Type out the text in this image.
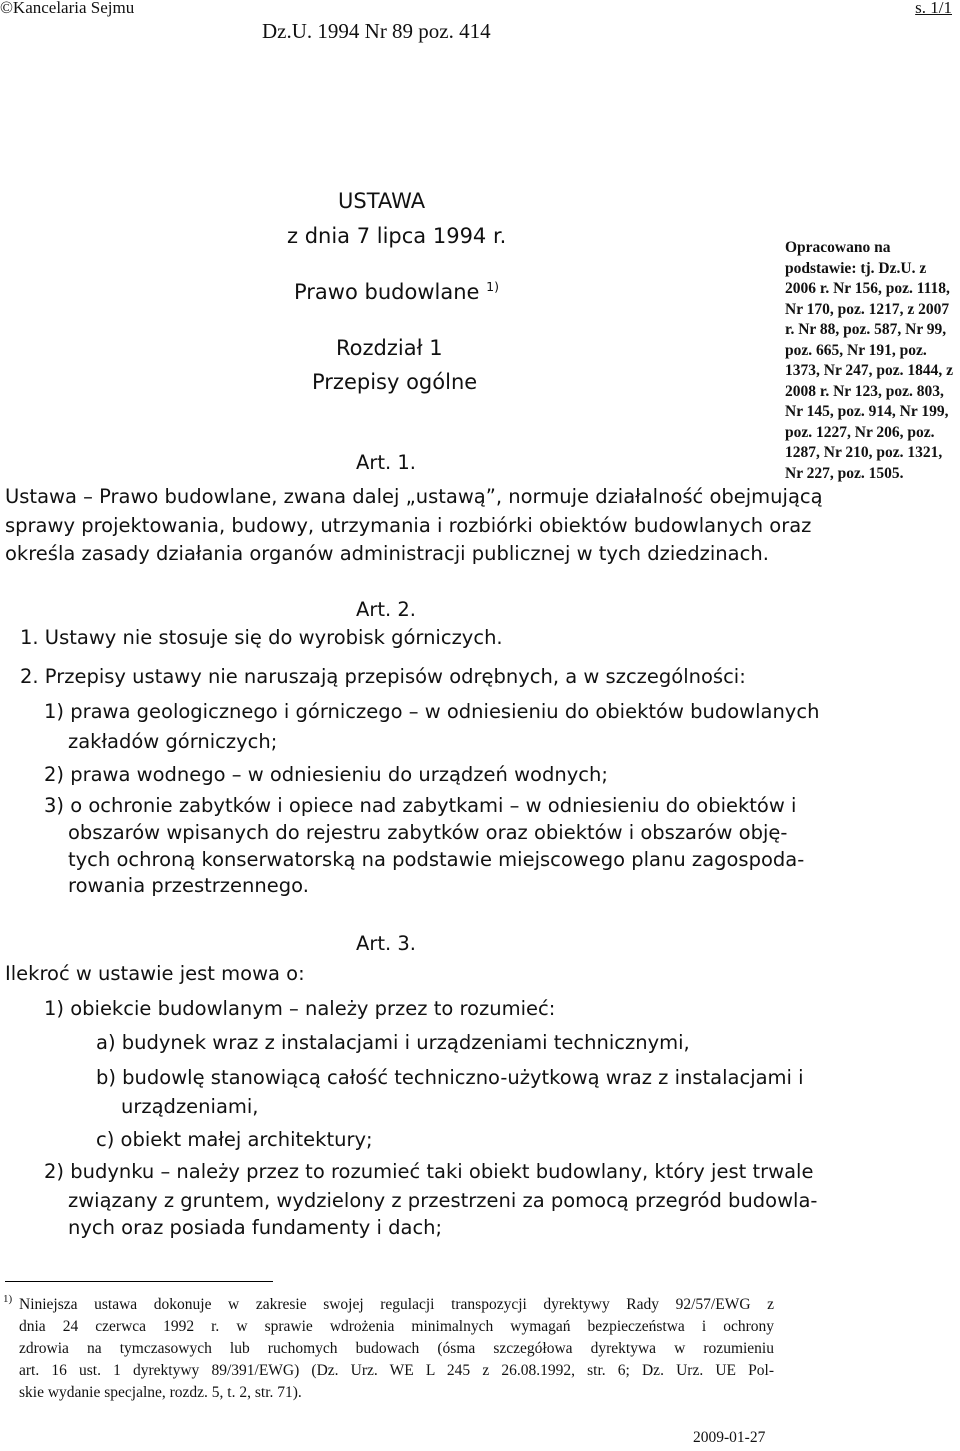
©Kancelaria Sejmu	s. 1/1
Dz.U. 1994 Nr 89 poz. 414
USTAWA
z dnia 7 lipca 1994 r.
Prawo budowlane $^{1)}$
Rozdział 1
Przepisy ogólne
Opracowano na podstawie: tj. Dz.U. z 2006 r. Nr 156, poz. 1118, Nr 170, poz. 1217, z 2007 r. Nr 88, poz. 587, Nr 99, poz. 665, Nr 191, poz. 1373, Nr 247, poz. 1844, z 2008 r. Nr 123, poz. 803, Nr 145, poz. 914, Nr 199, poz. 1227, Nr 206, poz. 1287, Nr 210, poz. 1321, Nr 227, poz. 1505.
Art. 1.
Ustawa – Prawo budowlane, zwana dalej „ustawą”, normuje działalność obejmującą
sprawy projektowania, budowy, utrzymania i rozbiórki obiektów budowlanych oraz
określa zasady działania organów administracji publicznej w tych dziedzinach.
Art. 2.
1. Ustawy nie stosuje się do wyrobisk górniczych.
2. Przepisy ustawy nie naruszają przepisów odrębnych, a w szczególności:
1) prawa geologicznego i górniczego – w odniesieniu do obiektów budowlanych
zakładów górniczych;
2) prawa wodnego – w odniesieniu do urządzeń wodnych;
3) o ochronie zabytków i opiece nad zabytkami – w odniesieniu do obiektów i
obszarów wpisanych do rejestru zabytków oraz obiektów i obszarów obję-
tych ochroną konserwatorską na podstawie miejscowego planu zagospoda-
rowania przestrzennego.
Art. 3.
Ilekroć w ustawie jest mowa o:
1) obiekcie budowlanym – należy przez to rozumieć:
a) budynek wraz z instalacjami i urządzeniami technicznymi,
b) budowlę stanowiącą całość techniczno-użytkową wraz z instalacjami i
urządzeniami,
c) obiekt małej architektury;
2) budynku – należy przez to rozumieć taki obiekt budowlany, który jest trwale
związany z gruntem, wydzielony z przestrzeni za pomocą przegród budowla-
nych oraz posiada fundamenty i dach;
1) Niniejsza ustawa dokonuje w zakresie swojej regulacji transpozycji dyrektywy Rady 92/57/EWG z
dnia 24 czerwca 1992 r. w sprawie wdrożenia minimalnych wymagań bezpieczeństwa i ochrony
zdrowia na tymczasowych lub ruchomych budowach (ósma szczegółowa dyrektywa w rozumieniu
art. 16 ust. 1 dyrektywy 89/391/EWG) (Dz. Urz. WE L 245 z 26.08.1992, str. 6; Dz. Urz. UE Pol-
skie wydanie specjalne, rozdz. 5, t. 2, str. 71).
2009-01-27
